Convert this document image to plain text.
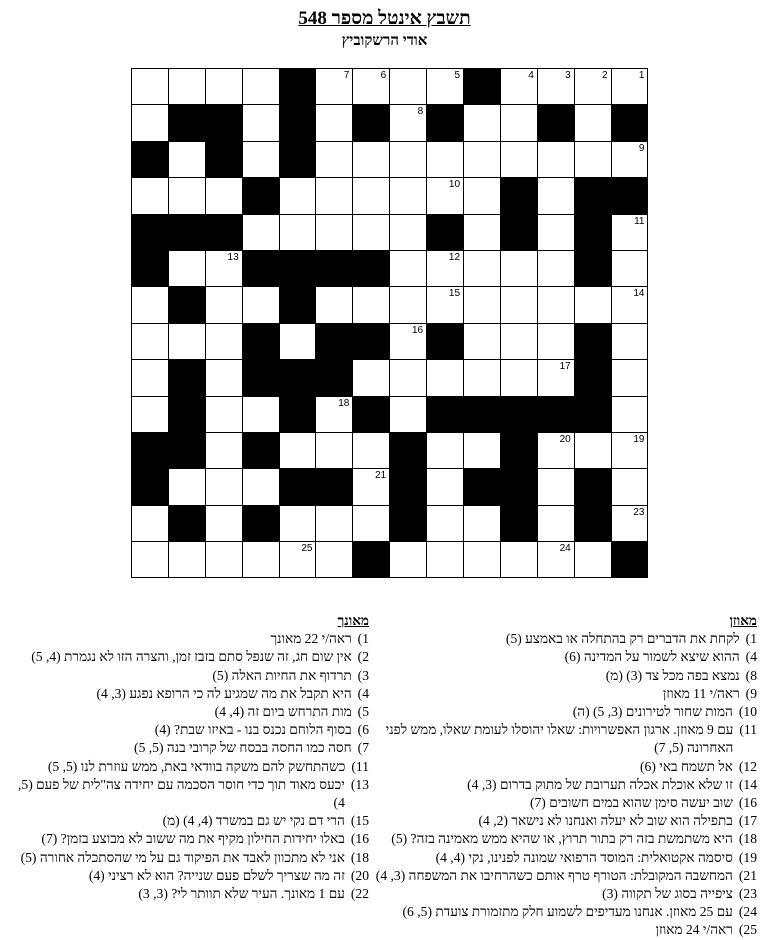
תשבץ אינטל מספר 548
אודי הרשקוביץ
7	6	5	4	3	2	1
8
9
10
11
13	12
15	14
16
17
18
20	19
21
23
25	24
מאוזן
1)
לקחת את הדברים רק בהתחלה או באמצע (5)
4)
ההוא שיצא לשמור על המדינה (6)
8)
נמצא בפה מכל צד (3) (מ)
9)
ראה/י 11 מאוזן
10)
המות שחור לטירונים (3, 5) (ה)
11)
עם 9 מאוזן. ארגון האפשרויות: שאלו יהוסלו לעומת שאלו, ממש לפני האחרונה (5, 7)
12)
אל תשמח באי (6)
14)
זו שלא אוכלת אכלה תערובת של מתוק בדרום (3, 4)
16)
שוב יעשה סימן שהוא במים חשובים (7)
17)
בתפילה הוא שוב לא יעלה ואנחנו לא נישאר (2, 4)
18)
היא משתמשת בזה רק בתור תרוץ, או שהיא ממש מאמינה בזה? (5)
19)
סיסמה אקטואלית: המוסד הרפואי שמונה לפנינו, נקי (4, 4)
21)
המחשבה המקובלת: הטורף טרף אותם כשהרחיבו את המשפחה (3, 4)
23)
ציפייה בסוג של תקווה (3)
24)
עם 25 מאוזן. אנחנו מעדיפים לשמוע חלק מתזמורת צועדת (5, 6)
25)
ראה/י 24 מאוזן
מאונך
1)
ראה/י 22 מאונך
2)
אין שום חג, זה שנפל סתם בזבז זמן, והצרה הזו לא נגמרת (4, 5)
3)
תרדוף את החיות האלה (5)
4)
היא תקבל את מה שמגיע לה כי הרופא נפגע (3, 4)
5)
מות התרחש ביום זה (4, 4)
6)
בסוף הלוחם נכנס בנו - באיזו שבת? (4)
7)
חסה כמו החסה בבסח של קרובי בנה (5, 5)
11)
כשהתחשק להם משקה בוודאי באת, ממש עוזרת לנו (5, 5)
13)
יכעס מאוד תוך כדי חוסר הסכמה עם יחידה צה"לית של פעם (5, 4)
15)
הרי דם נקי יש גם במשרד (4, 4) (מ)
16)
באלו יחידות החילון מקיף את מה ששוב לא מבוצע בזמן? (7)
18)
אני לא מתכוון לאבד את הפיקוד גם על מי שהסתכלה אחורה (5)
20)
זה מה שצריך לשלם פעם שנייה? הוא לא רציני (4)
22)
עם 1 מאונך. העיר שלא תוותר לי? (3, 3)
